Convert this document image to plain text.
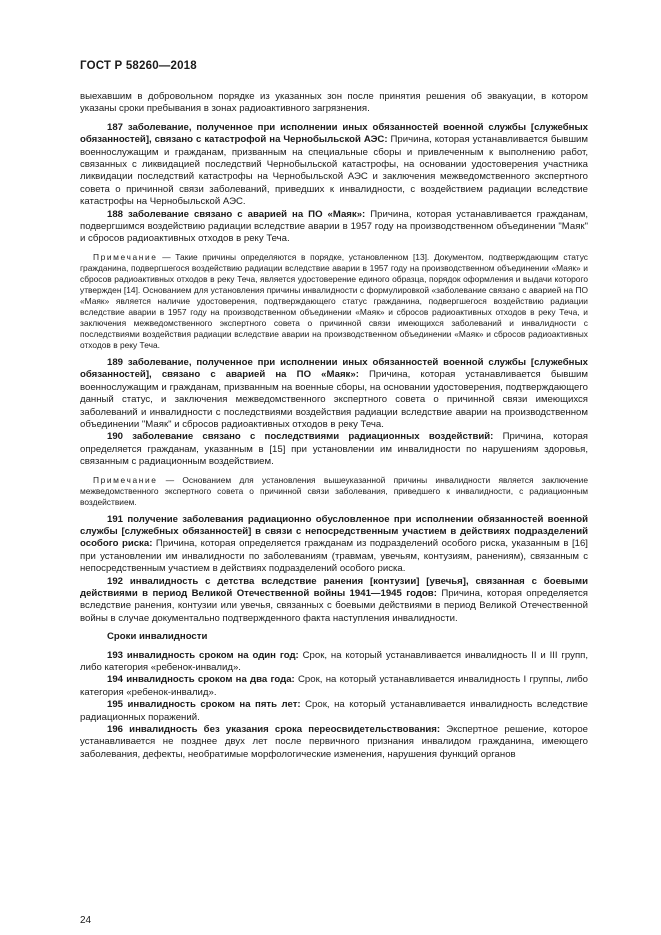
ГОСТ Р 58260—2018

выехавшим в добровольном порядке из указанных зон после принятия решения об эвакуации, в котором указаны сроки пребывания в зонах радиоактивного загрязнения.

187 заболевание, полученное при исполнении иных обязанностей военной службы [служебных обязанностей], связано с катастрофой на Чернобыльской АЭС: Причина, которая устанавливается бывшим военнослужащим и гражданам, призванным на специальные сборы и привлеченным к выполнению работ, связанных с ликвидацией последствий Чернобыльской катастрофы, на основании удостоверения участника ликвидации последствий катастрофы на Чернобыльской АЭС и заключения межведомственного экспертного совета о причинной связи заболеваний, приведших к инвалидности, с воздействием радиации вследствие катастрофы на Чернобыльской АЭС.

188 заболевание связано с аварией на ПО «Маяк»: Причина, которая устанавливается гражданам, подвергшимся воздействию радиации вследствие аварии в 1957 году на производственном объединении "Маяк" и сбросов радиоактивных отходов в реку Теча.

Примечание — Такие причины определяются в порядке, установленном [13]. Документом, подтверждающим статус гражданина, подвергшегося воздействию радиации вследствие аварии в 1957 году на производственном объединении «Маяк» и сбросов радиоактивных отходов в реку Теча, является удостоверение единого образца, порядок оформления и выдачи которого утвержден [14]. Основанием для установления причины инвалидности с формулировкой «заболевание связано с аварией на ПО «Маяк» является наличие удостоверения, подтверждающего статус гражданина, подвергшегося воздействию радиации вследствие аварии в 1957 году на производственном объединении «Маяк» и сбросов радиоактивных отходов в реку Теча, и заключения межведомственного экспертного совета о причинной связи имеющихся заболеваний и инвалидности с последствиями воздействия радиации вследствие аварии на производственном объединении «Маяк» и сбросов радиоактивных отходов в реку Теча.

189 заболевание, полученное при исполнении иных обязанностей военной службы [служебных обязанностей], связано с аварией на ПО «Маяк»: Причина, которая устанавливается бывшим военнослужащим и гражданам, призванным на военные сборы, на основании удостоверения, подтверждающего данный статус, и заключения межведомственного экспертного совета о причинной связи имеющихся заболеваний и инвалидности с последствиями воздействия радиации вследствие аварии на производственном объединении "Маяк" и сбросов радиоактивных отходов в реку Теча.

190 заболевание связано с последствиями радиационных воздействий: Причина, которая определяется гражданам, указанным в [15] при установлении им инвалидности по нарушениям здоровья, связанным с радиационным воздействием.

Примечание — Основанием для установления вышеуказанной причины инвалидности является заключение межведомственного экспертного совета о причинной связи заболевания, приведшего к инвалидности, с радиационным воздействием.

191 получение заболевания радиационно обусловленное при исполнении обязанностей военной службы [служебных обязанностей] в связи с непосредственным участием в действиях подразделений особого риска: Причина, которая определяется гражданам из подразделений особого риска, указанным в [16] при установлении им инвалидности по заболеваниям (травмам, увечьям, контузиям, ранениям), связанным с непосредственным участием в действиях подразделений особого риска.

192 инвалидность с детства вследствие ранения [контузии] [увечья], связанная с боевыми действиями в период Великой Отечественной войны 1941—1945 годов: Причина, которая определяется вследствие ранения, контузии или увечья, связанных с боевыми действиями в период Великой Отечественной войны в случае документально подтвержденного факта наступления инвалидности.

Сроки инвалидности

193 инвалидность сроком на один год: Срок, на который устанавливается инвалидность II и III групп, либо категория «ребенок-инвалид».

194 инвалидность сроком на два года: Срок, на который устанавливается инвалидность I группы, либо категория «ребенок-инвалид».

195 инвалидность сроком на пять лет: Срок, на который устанавливается инвалидность вследствие радиационных поражений.

196 инвалидность без указания срока переосвидетельствования: Экспертное решение, которое устанавливается не позднее двух лет после первичного признания инвалидом гражданина, имеющего заболевания, дефекты, необратимые морфологические изменения, нарушения функций органов

24
